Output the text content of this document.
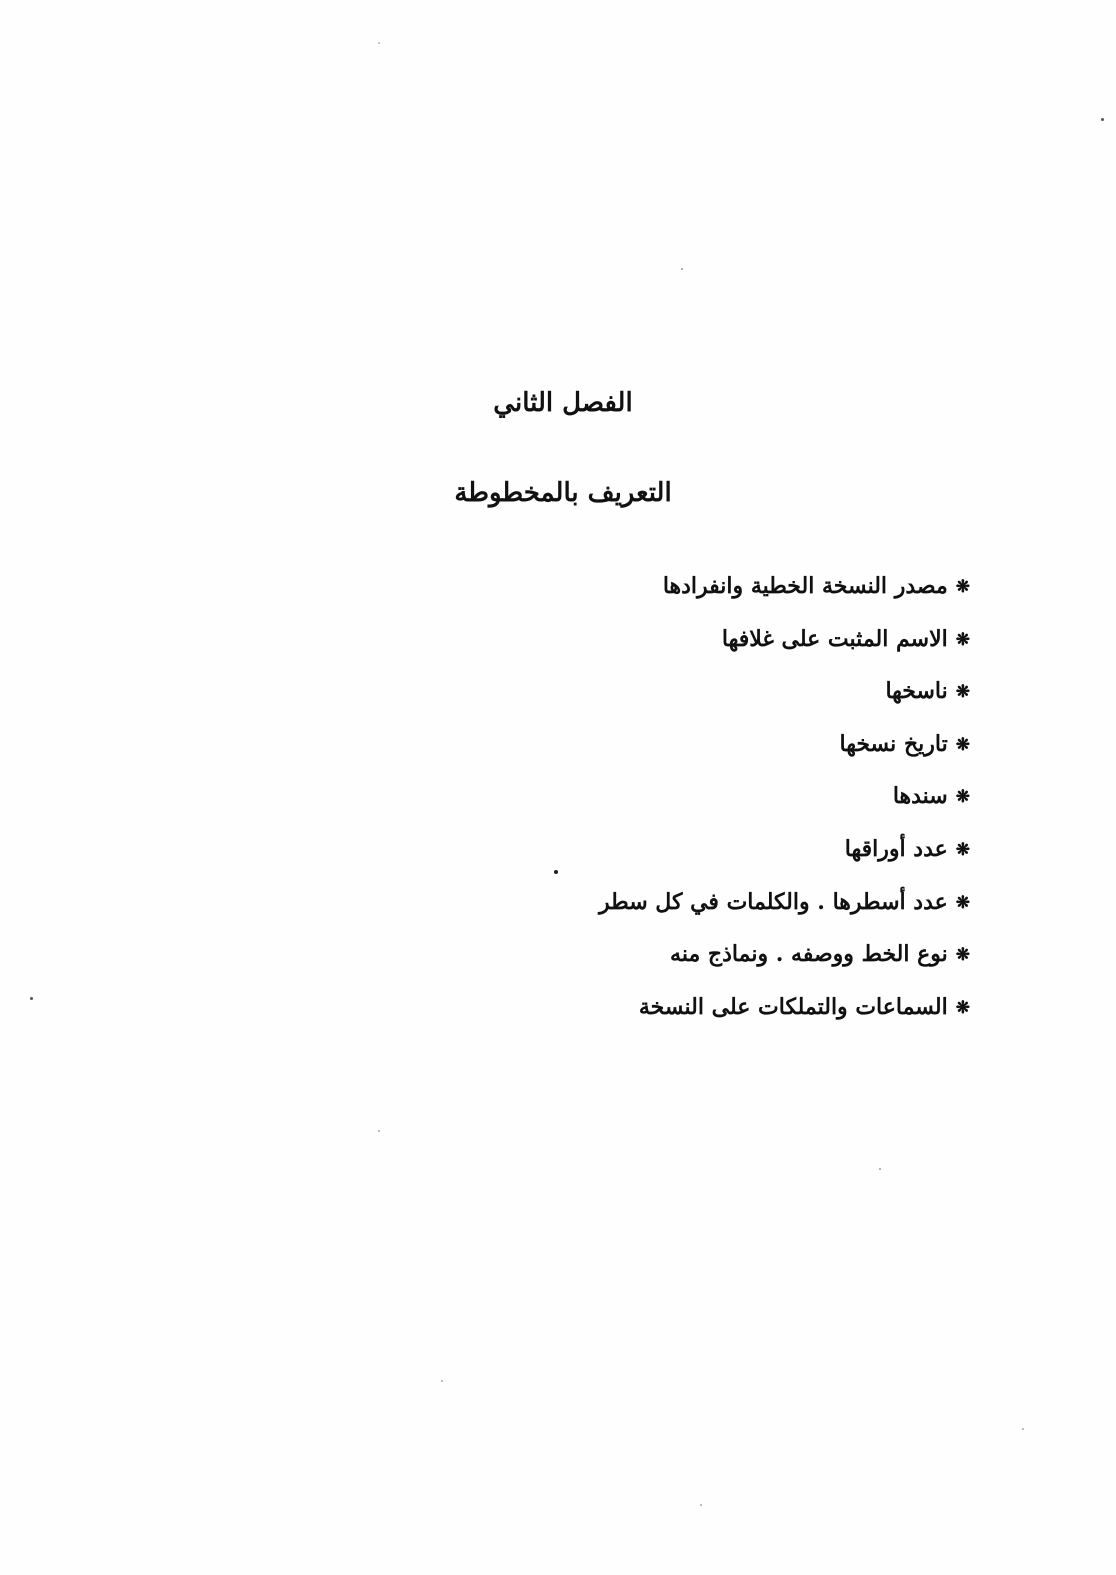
الفصل الثاني
التعريف بالمخطوطة
❋مصدر النسخة الخطية وانفرادها
❋الاسم المثبت على غلافها
❋ناسخها
❋تاريخ نسخها
❋سندها
❋عدد أوراقها
❋عدد أسطرها . والكلمات في كل سطر
❋نوع الخط ووصفه . ونماذج منه
❋السماعات والتملكات على النسخة
